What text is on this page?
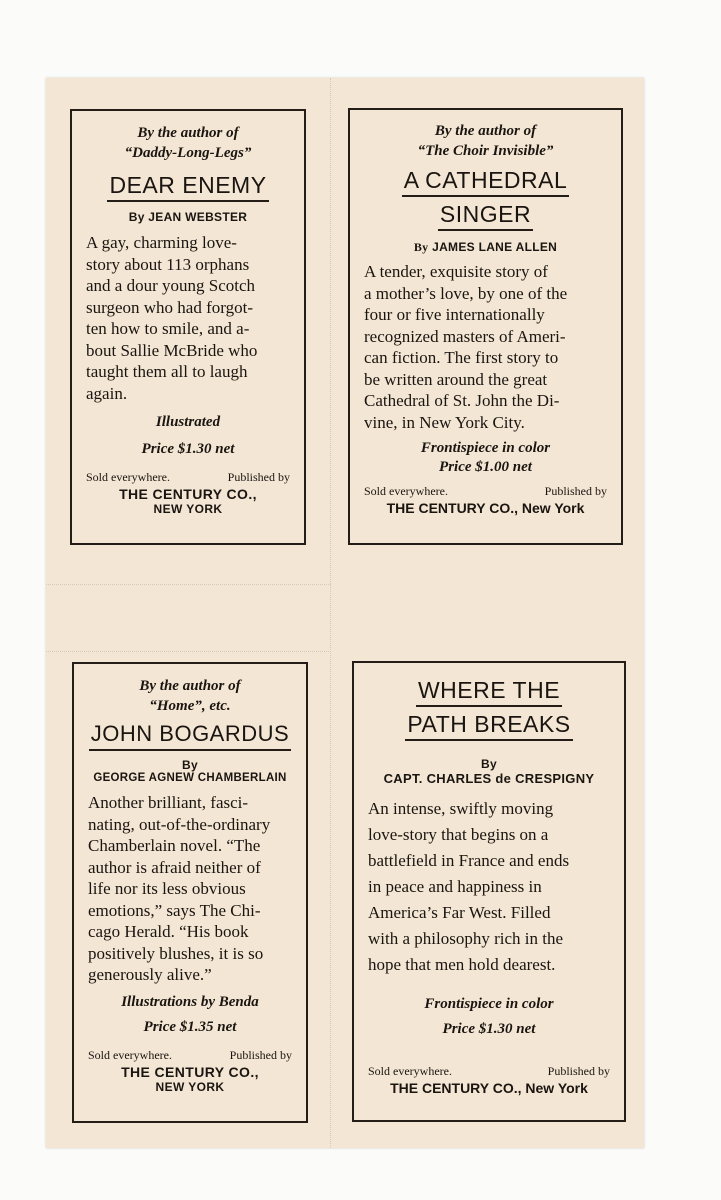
By the author of
“Daddy-Long-Legs”
DEAR ENEMY
By JEAN WEBSTER
A gay, charming love-
story about 113 orphans
and a dour young Scotch
surgeon who had forgot-
ten how to smile, and a-
bout Sallie McBride who
taught them all to laugh
again.
Illustrated
Price $1.30 net
Sold everywhere.	Published by
THE CENTURY CO.,
NEW YORK
By the author of
“The Choir Invisible”
A CATHEDRAL
SINGER
By JAMES LANE ALLEN
A tender, exquisite story of
a mother’s love, by one of the
four or five internationally
recognized masters of Ameri-
can fiction. The first story to
be written around the great
Cathedral of St. John the Di-
vine, in New York City.
Frontispiece in color
Price $1.00 net
Sold everywhere.	Published by
THE CENTURY CO., New York
By the author of
“Home”, etc.
JOHN BOGARDUS
By
GEORGE AGNEW CHAMBERLAIN
Another brilliant, fasci-
nating, out-of-the-ordinary
Chamberlain novel. “The
author is afraid neither of
life nor its less obvious
emotions,” says The Chi-
cago Herald. “His book
positively blushes, it is so
generously alive.”
Illustrations by Benda
Price $1.35 net
Sold everywhere.	Published by
THE CENTURY CO.,
NEW YORK
WHERE THE
PATH BREAKS
By
CAPT. CHARLES de CRESPIGNY
An intense, swiftly moving
love-story that begins on a
battlefield in France and ends
in peace and happiness in
America’s Far West. Filled
with a philosophy rich in the
hope that men hold dearest.
Frontispiece in color
Price $1.30 net
Sold everywhere.	Published by
THE CENTURY CO., New York
